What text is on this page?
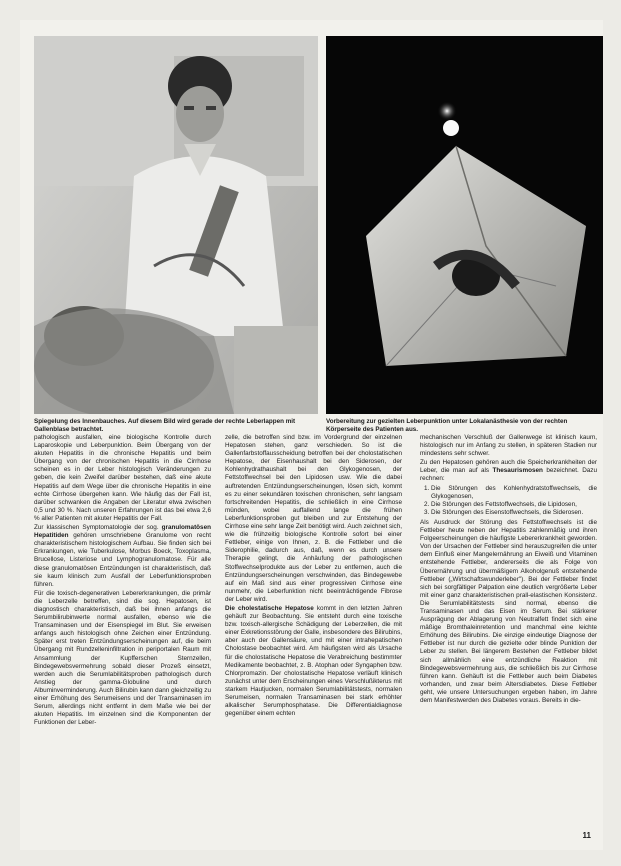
Spiegelung des Innenbauches. Auf diesem Bild wird gerade der rechte Leberlappen mit Gallenblase betrachtet.
Vorbereitung zur gezielten Leberpunktion unter Lokalanästhesie von der rechten Körperseite des Patienten aus.

pathologisch ausfallen, eine biologische Kontrolle durch Laparoskopie und Leberpunktion. Beim Übergang von der akuten Hepatitis in die chronische Hepatitis und beim Übergang von der chronischen Hepatitis in die Cirrhose scheinen es in der Leber histologisch Veränderungen zu geben, die kein Zweifel darüber bestehen, daß eine akute Hepatitis auf dem Wege über die chronische Hepatitis in eine echte Cirrhose übergehen kann. Wie häufig das der Fall ist, darüber schwanken die Angaben der Literatur etwa zwischen 0,5 und 30 %. Nach unseren Erfahrungen ist das bei etwa 2,6 % aller Patienten mit akuter Hepatitis der Fall.

Zur klassischen Symptomatologie der sog. granulomatösen Hepatitiden gehören umschriebene Granulome von recht charakteristischem histologischem Aufbau. Sie finden sich bei Erkrankungen, wie Tuberkulose, Morbus Boeck, Toxoplasma, Brucellose, Listeriose und Lymphogranulomatose. Für alle diese granulomatösen Entzündungen ist charakteristisch, daß sie kaum klinisch zum Ausfall der Leberfunktionsproben führen.

Für die toxisch-degenerativen Lebererkrankungen, die primär die Leberzelle betreffen, sind die sog. Hepatosen, ist diagnostisch charakteristisch, daß bei ihnen anfangs die Serumbilirubinwerte normal ausfallen, ebenso wie die Transaminasen und der Eisenspiegel im Blut. Sie erweisen anfangs auch histologisch ohne Zeichen einer Entzündung. Später erst treten Entzündungserscheinungen auf, die beim Übergang mit Rundzelleninfiltration in periportalen Raum mit Ansammlung der Kupfferschen Sternzellen, Bindegewebsvermehrung sobald dieser Prozeß einsetzt, werden auch die Serumlabilitätsproben pathologisch durch Anstieg der gamma-Globuline und durch Albuminverminderung. Auch Bilirubin kann dann gleichzeitig zu einer Erhöhung des Serumeisens und der Transaminasen im Serum, allerdings nicht entfernt in dem Maße wie bei der akuten Hepatitis. Im einzelnen sind die Komponenten der Funktionen der Leber-

zelle, die betroffen sind bzw. im Vordergrund der einzelnen Hepatosen stehen, ganz verschieden. So ist die Gallenfarbstoffausscheidung betroffen bei der cholostatischen Hepatose, der Eisenhaushalt bei den Siderosen, der Kohlenhydrathaushalt bei den Glykogenosen, der Fettstoffwechsel bei den Lipidosen usw. Wie die dabei auftretenden Entzündungserscheinungen, lösen sich, kommt es zu einer sekundären toxischen chronischen, sehr langsam fortschreitenden Hepatitis, die schließlich in eine Cirrhose münden, wobei auffallend lange die frühen Leberfunktionsproben gut bleiben und zur Entstehung der Cirrhose eine sehr lange Zeit benötigt wird. Auch zeichnet sich, wie die frühzeitig biologische Kontrolle sofort bei einer Fettleber, einige von Ihnen, z. B. die Fettleber und die Siderophilie, dadurch aus, daß, wenn es durch unsere Therapie gelingt, die Anhäufung der pathologischen Stoffwechselprodukte aus der Leber zu entfernen, auch die Entzündungserscheinungen verschwinden, das Bindegewebe auf ein Maß sind aus einer progressiven Cirrhose eine nunmehr, die Leberfunktion nicht beeinträchtigende Fibrose der Leber wird.

Die cholestatische Hepatose kommt in den letzten Jahren gehäuft zur Beobachtung. Sie entsteht durch eine toxische bzw. toxisch-allergische Schädigung der Leberzellen, die mit einer Exkretionsstörung der Galle, insbesondere des Bilirubins, aber auch der Gallensäure, und mit einer intrahepatischen Cholostase beobachtet wird. Am häufigsten wird als Ursache für die cholostatische Hepatose die Verabreichung bestimmter Medikamente beobachtet, z. B. Atophan oder Syngaphen bzw. Chlorpromazin. Der cholostatische Hepatose verläuft klinisch zunächst unter dem Erscheinungen eines Verschlußikterus mit starkem Hautjucken, normalen Serumlabilitätstests, normalen Serumeisen, normalen Transaminasen bei stark erhöhter alkalischer Serumphosphatase. Die Differentialdiagnose gegenüber einem echten

mechanischen Verschluß der Gallenwege ist klinisch kaum, histologisch nur im Anfang zu stellen, in späteren Stadien nur mindestens sehr schwer.

Zu den Hepatosen gehören auch die Speicherkrankheiten der Leber, die man auf als Thesaurismosen bezeichnet. Dazu rechnen:

1. Die Störungen des Kohlenhydratstoffwechsels, die Glykogenosen,
2. Die Störungen des Fettstoffwechsels, die Lipidosen,
3. Die Störungen des Eisenstoffwechsels, die Siderosen.

Als Ausdruck der Störung des Fettstoffwechsels ist die Fettleber heute neben der Hepatitis zahlenmäßig und ihren Folgeerscheinungen die häufigste Lebererkrankheit geworden. Von der Ursachen der Fettleber sind herauszugreifen die unter dem Einfluß einer Mangelernährung an Eiweiß und Vitaminen entstehende Fettleber, andererseits die als Folge von Überernährung und übermäßigem Alkoholgenuß entstehende Fettleber („Wirtschaftswunderleber"). Bei der Fettleber findet sich bei sorgfältiger Palpation eine deutlich vergrößerte Leber mit einer ganz charakteristischen prall-elastischen Konsistenz. Die Serumlabilitätstests sind normal, ebenso die Transaminasen und das Eisen im Serum. Bei stärkerer Ausprägung der Ablagerung von Neutralfett findet sich eine mäßige Bromthaleinretention und manchmal eine leichte Erhöhung des Bilirubins. Die einzige eindeutige Diagnose der Fettleber ist nur durch die gezielte oder blinde Punktion der Leber zu stellen. Bei längerem Bestehen der Fettleber bildet sich allmählich eine entzündliche Reaktion mit Bindegewebsvermehrung aus, die schließlich bis zur Cirrhose führen kann. Gehäuft ist die Fettleber auch beim Diabetes vorhanden, und zwar beim Altersdiabetes. Diese Fettleber geht, wie unsere Untersuchungen ergeben haben, im Jahre dem Manifestwerden des Diabetes voraus. Bereits in die-

11
